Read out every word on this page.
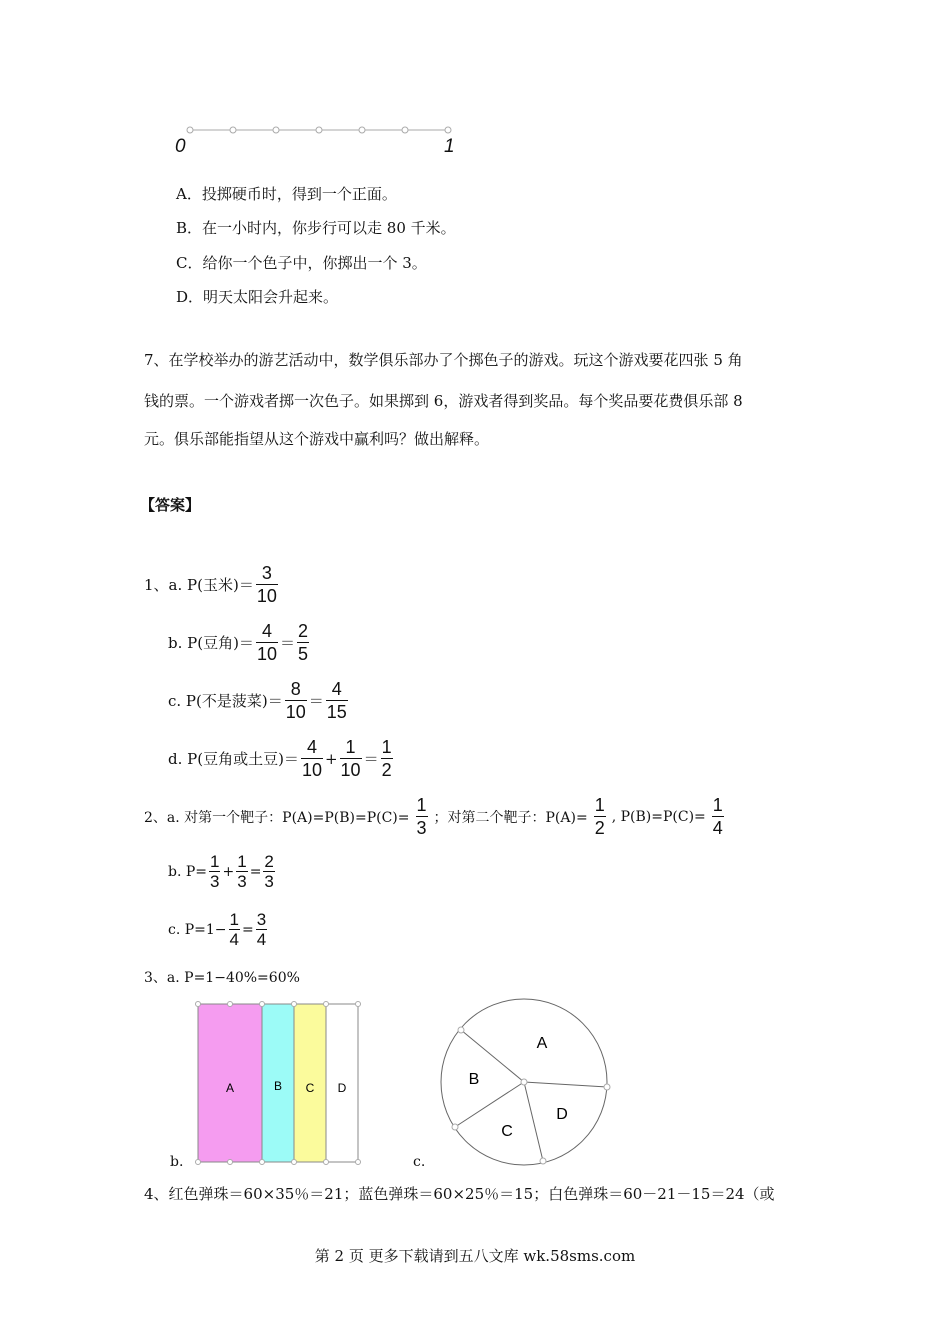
0	1
A．投掷硬币时，得到一个正面。
B．在一小时内，你步行可以走 80 千米。
C．给你一个色子中，你掷出一个 3。
D．明天太阳会升起来。
7、在学校举办的游艺活动中，数学俱乐部办了个掷色子的游戏。玩这个游戏要花四张 5 角
钱的票。一个游戏者掷一次色子。如果掷到 6，游戏者得到奖品。每个奖品要花费俱乐部 8
元。俱乐部能指望从这个游戏中赢利吗？做出解释。
【答案】
1、a. P(玉米)＝ $\frac{3}{10}$
b. P(豆角)＝ $\frac{4}{10} = \frac{2}{5}$
c. P(不是菠菜)＝ $\frac{8}{10} = \frac{4}{15}$
d. P(豆角或土豆)＝ $\frac{4}{10} + \frac{1}{10} = \frac{1}{2}$
2、a. 对第一个靶子：$P(A)=P(B)=P(C)= \frac{1}{3}$ ；对第二个靶子：$P(A)= \frac{1}{2}$ , $P(B)=P(C)= \frac{1}{4}$
b. $P= \frac{1}{3} + \frac{1}{3} = \frac{2}{3}$
c. $P=1- \frac{1}{4} = \frac{3}{4}$
3、a. P=1−40%=60%
A	B C D
b.
A
B
C
D
c.
4、红色弹珠＝60×35％＝21；蓝色弹珠＝60×25％＝15；白色弹珠＝60－21－15＝24（或
第 2 页 更多下载请到五八文库 wk.58sms.com
